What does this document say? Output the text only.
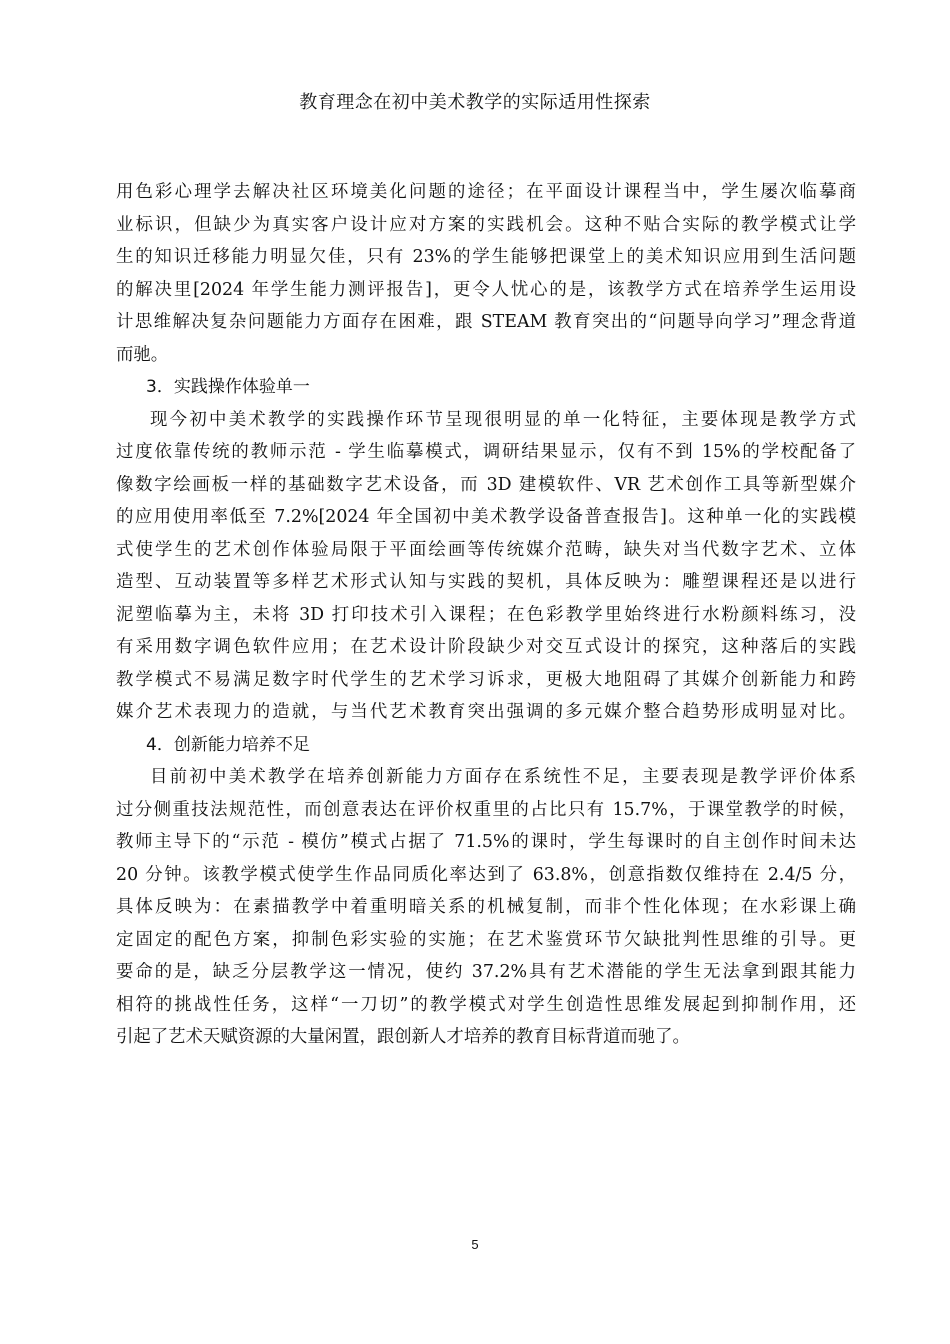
教育理念在初中美术教学的实际适用性探索
用色彩心理学去解决社区环境美化问题的途径；在平面设计课程当中，学生屡次临摹商
业标识，但缺少为真实客户设计应对方案的实践机会。这种不贴合实际的教学模式让学
生的知识迁移能力明显欠佳，只有 23%的学生能够把课堂上的美术知识应用到生活问题
的解决里[2024 年学生能力测评报告]，更令人忧心的是，该教学方式在培养学生运用设
计思维解决复杂问题能力方面存在困难，跟 STEAM 教育突出的“问题导向学习”理念背道
而驰。
3．实践操作体验单一
现今初中美术教学的实践操作环节呈现很明显的单一化特征，主要体现是教学方式
过度依靠传统的教师示范 - 学生临摹模式，调研结果显示，仅有不到 15%的学校配备了
像数字绘画板一样的基础数字艺术设备，而 3D 建模软件、VR 艺术创作工具等新型媒介
的应用使用率低至 7.2%[2024 年全国初中美术教学设备普查报告]。这种单一化的实践模
式使学生的艺术创作体验局限于平面绘画等传统媒介范畴，缺失对当代数字艺术、立体
造型、互动装置等多样艺术形式认知与实践的契机，具体反映为：雕塑课程还是以进行
泥塑临摹为主，未将 3D 打印技术引入课程；在色彩教学里始终进行水粉颜料练习，没
有采用数字调色软件应用；在艺术设计阶段缺少对交互式设计的探究，这种落后的实践
教学模式不易满足数字时代学生的艺术学习诉求，更极大地阻碍了其媒介创新能力和跨
媒介艺术表现力的造就，与当代艺术教育突出强调的多元媒介整合趋势形成明显对比。
4．创新能力培养不足
目前初中美术教学在培养创新能力方面存在系统性不足，主要表现是教学评价体系
过分侧重技法规范性，而创意表达在评价权重里的占比只有 15.7%，于课堂教学的时候，
教师主导下的“示范 - 模仿”模式占据了 71.5%的课时，学生每课时的自主创作时间未达
20 分钟。该教学模式使学生作品同质化率达到了 63.8%，创意指数仅维持在 2.4/5 分，
具体反映为：在素描教学中着重明暗关系的机械复制，而非个性化体现；在水彩课上确
定固定的配色方案，抑制色彩实验的实施；在艺术鉴赏环节欠缺批判性思维的引导。更
要命的是，缺乏分层教学这一情况，使约 37.2%具有艺术潜能的学生无法拿到跟其能力
相符的挑战性任务，这样“一刀切”的教学模式对学生创造性思维发展起到抑制作用，还
引起了艺术天赋资源的大量闲置，跟创新人才培养的教育目标背道而驰了。
5
